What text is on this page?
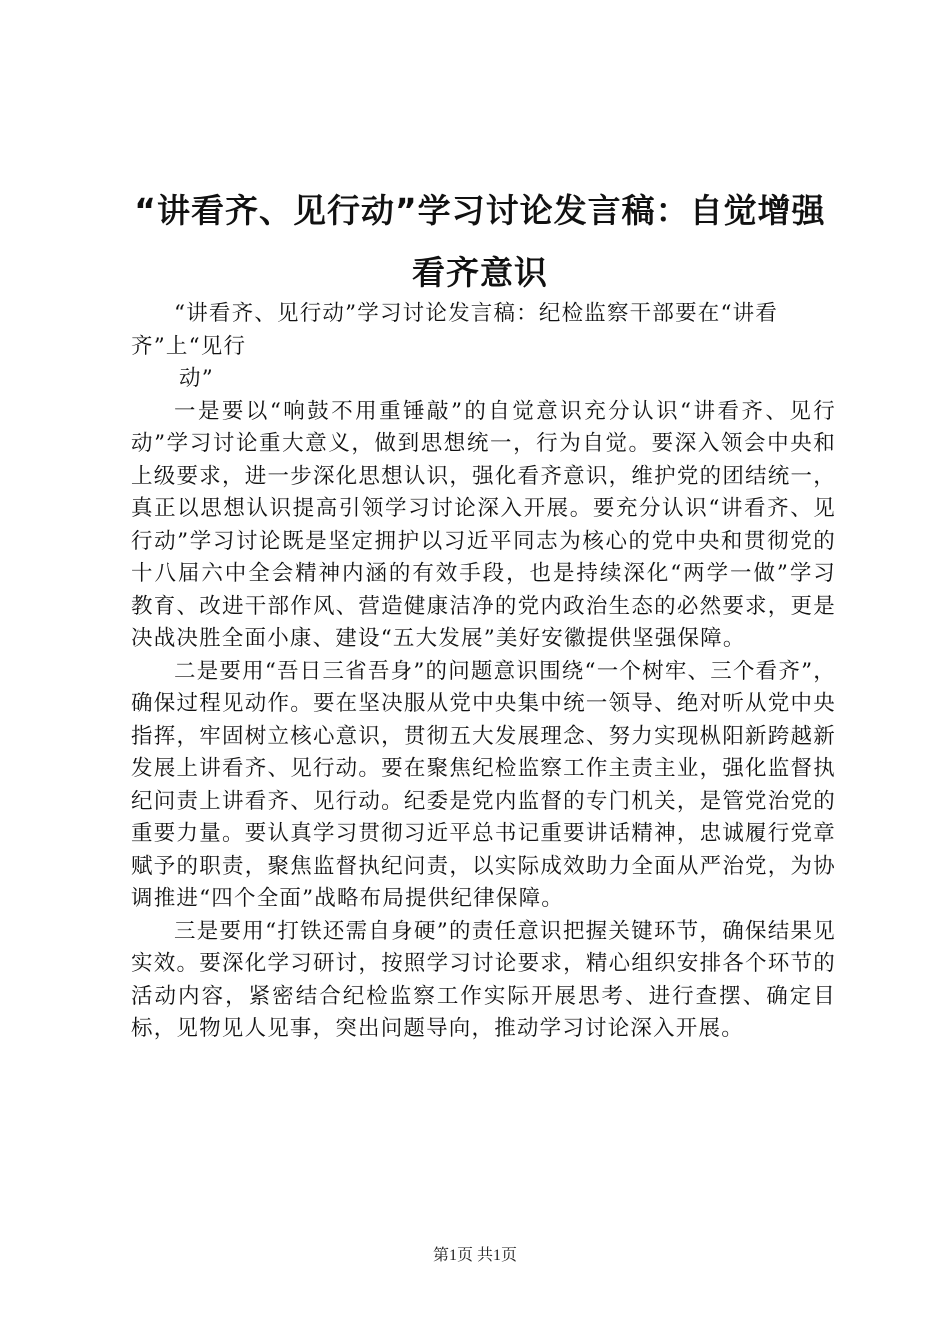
“讲看齐、见行动”学习讨论发言稿：自觉增强看齐意识

“讲看齐、见行动”学习讨论发言稿：纪检监察干部要在“讲看齐”上“见行

动”

一是要以“响鼓不用重锤敲”的自觉意识充分认识“讲看齐、见行动”学习讨论重大意义，做到思想统一，行为自觉。要深入领会中央和上级要求，进一步深化思想认识，强化看齐意识，维护党的团结统一，真正以思想认识提高引领学习讨论深入开展。要充分认识“讲看齐、见行动”学习讨论既是坚定拥护以习近平同志为核心的党中央和贯彻党的十八届六中全会精神内涵的有效手段，也是持续深化“两学一做”学习教育、改进干部作风、营造健康洁净的党内政治生态的必然要求，更是决战决胜全面小康、建设“五大发展”美好安徽提供坚强保障。

二是要用“吾日三省吾身”的问题意识围绕“一个树牢、三个看齐”，确保过程见动作。要在坚决服从党中央集中统一领导、绝对听从党中央指挥，牢固树立核心意识，贯彻五大发展理念、努力实现枞阳新跨越新发展上讲看齐、见行动。要在聚焦纪检监察工作主责主业，强化监督执纪问责上讲看齐、见行动。纪委是党内监督的专门机关，是管党治党的重要力量。要认真学习贯彻习近平总书记重要讲话精神，忠诚履行党章赋予的职责，聚焦监督执纪问责，以实际成效助力全面从严治党，为协调推进“四个全面”战略布局提供纪律保障。

三是要用“打铁还需自身硬”的责任意识把握关键环节，确保结果见实效。要深化学习研讨，按照学习讨论要求，精心组织安排各个环节的活动内容，紧密结合纪检监察工作实际开展思考、进行查摆、确定目标，见物见人见事，突出问题导向，推动学习讨论深入开展。

第1页 共1页
